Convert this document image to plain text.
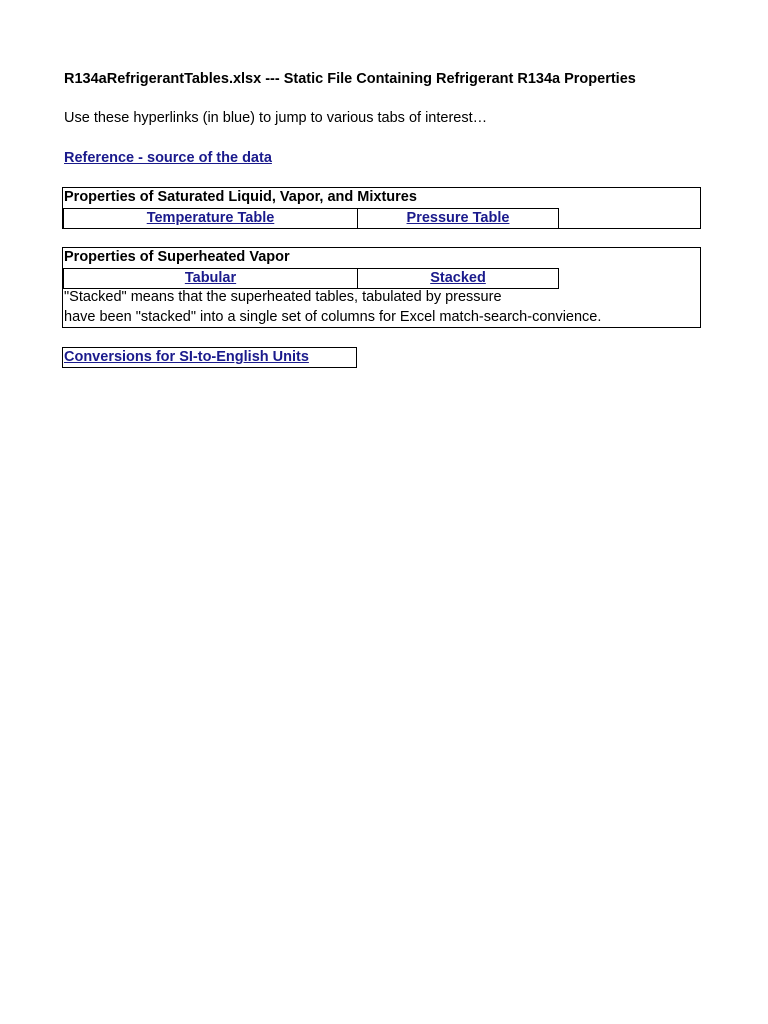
R134aRefrigerantTables.xlsx --- Static File Containing Refrigerant R134a Properties
Use these hyperlinks (in blue) to jump to various tabs of interest…
Reference - source of the data
Properties of Saturated Liquid, Vapor, and Mixtures
Temperature Table	Pressure Table
Properties of Superheated Vapor
Tabular	Stacked
"Stacked" means that the superheated tables, tabulated by pressure
have been "stacked" into a single set of columns for Excel match-search-convience.
Conversions for SI-to-English Units
